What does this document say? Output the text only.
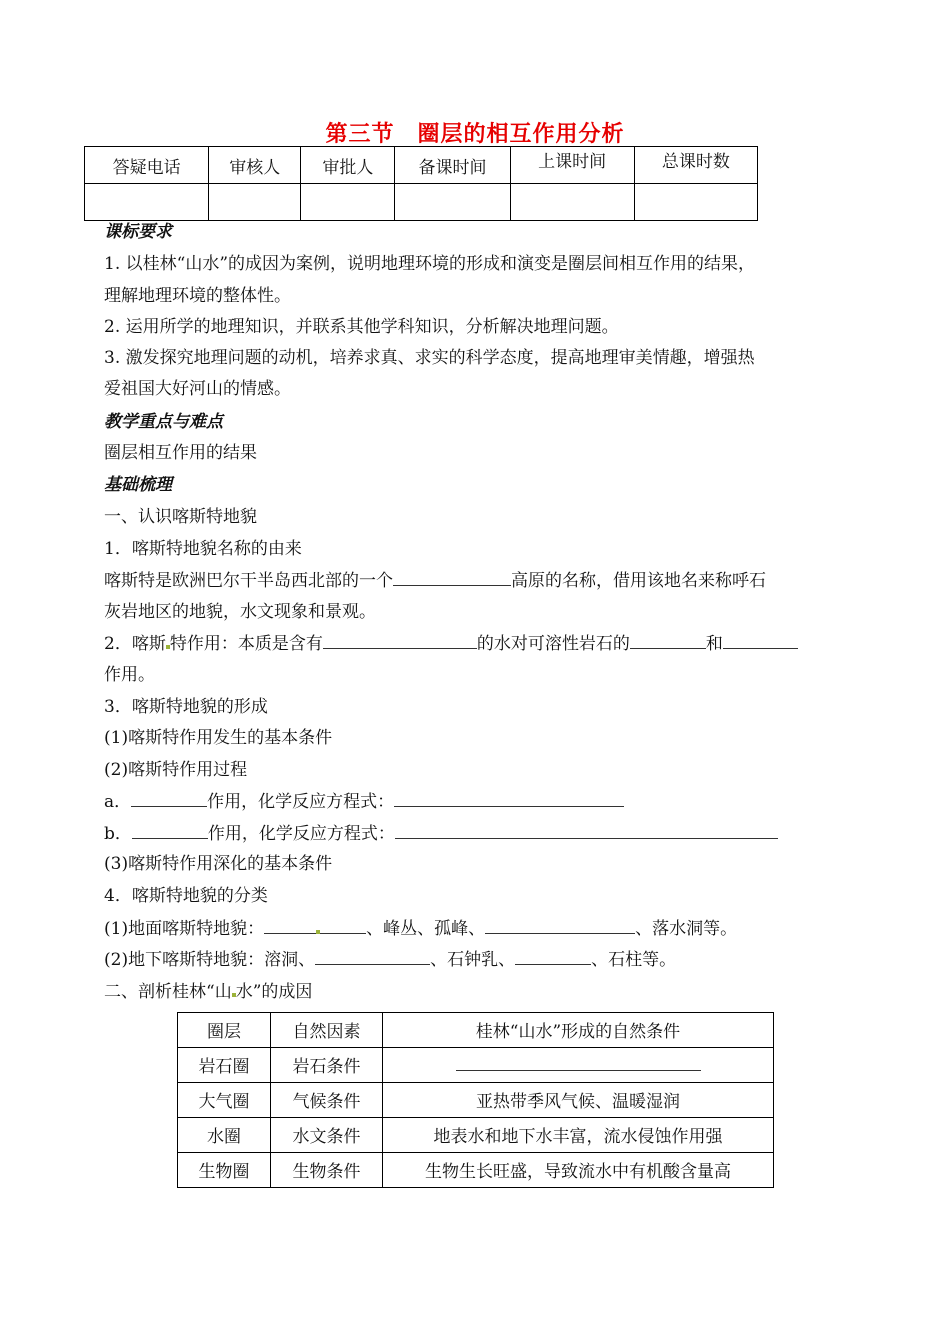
第三节　圈层的相互作用分析
答疑电话	审核人	审批人	备课时间	上课时间	总课时数

课标要求
1. 以桂林“山水”的成因为案例，说明地理环境的形成和演变是圈层间相互作用的结果，
理解地理环境的整体性。
2. 运用所学的地理知识，并联系其他学科知识，分析解决地理问题。
3. 激发探究地理问题的动机，培养求真、求实的科学态度，提高地理审美情趣，增强热
爱祖国大好河山的情感。
教学重点与难点
圈层相互作用的结果
基础梳理
一、认识喀斯特地貌
1．喀斯特地貌名称的由来
喀斯特是欧洲巴尔干半岛西北部的一个	高原的名称，借用该地名来称呼石
灰岩地区的地貌，水文现象和景观。
2．喀斯 特作用：本质是含有	的水对可溶性岩石的	和
作用。
3．喀斯特地貌的形成
(1)喀斯特作用发生的基本条件
(2)喀斯特作用过程
a．	作用，化学反应方程式：
b．	作用，化学反应方程式：
(3)喀斯特作用深化的基本条件
4．喀斯特地貌的分类
(1)地面喀斯特地貌：	、峰丛、孤峰、	、落水洞等。
(2)地下喀斯特地貌：溶洞、	、石钟乳、	、石柱等。
二、剖析桂林“山 水”的成因
圈层	自然因素	桂林“山水”形成的自然条件
岩石圈	岩石条件	
大气圈	气候条件	亚热带季风气候、温暖湿润
水圈	水文条件	地表水和地下水丰富，流水侵蚀作用强
生物圈	生物条件	生物生长旺盛，导致流水中有机酸含量高
